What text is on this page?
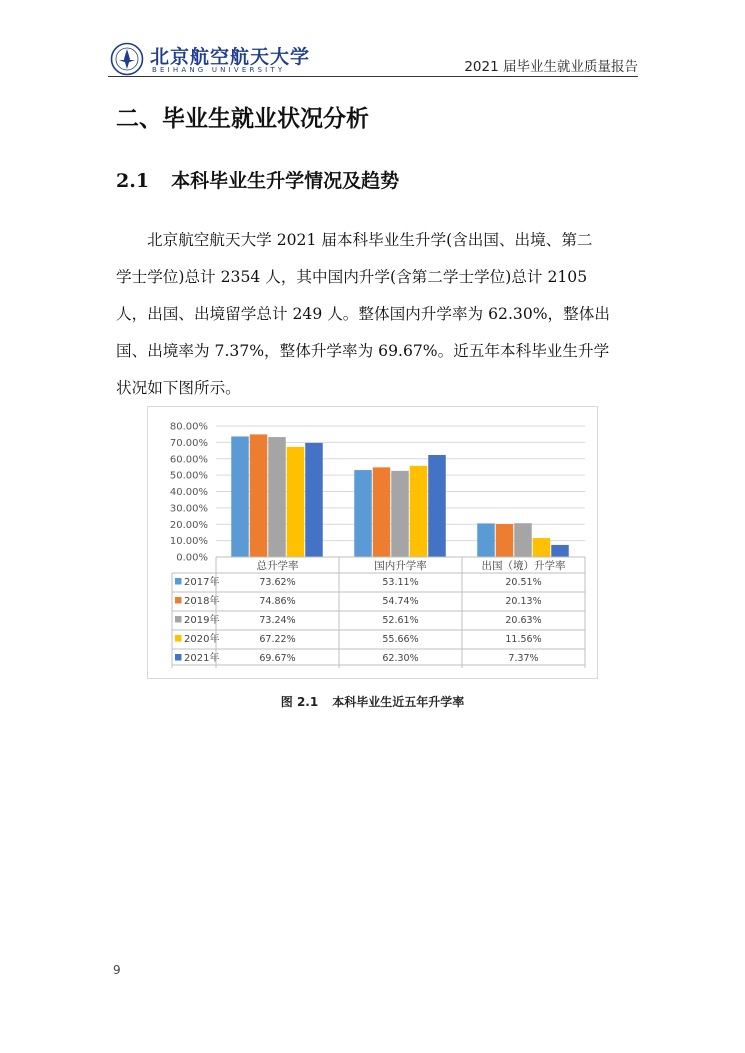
北京航空航天大学
BEIHANG UNIVERSITY	2021 届毕业生就业质量报告
二、毕业生就业状况分析
2.1 本科毕业生升学情况及趋势
北京航空航天大学 2021 届本科毕业生升学(含出国、出境、第二
学士学位)总计 2354 人，其中国内升学(含第二学士学位)总计 2105
人，出国、出境留学总计 249 人。整体国内升学率为 62.30%，整体出
国、出境率为 7.37%，整体升学率为 69.67%。近五年本科毕业生升学
状况如下图所示。
0.00%
10.00%
20.00%
30.00%
40.00%
50.00%
60.00%
70.00%
80.00%
总升学率	国内升学率	出国（境）升学率
2017年	73.62%	53.11%	20.51%
2018年	74.86%	54.74%	20.13%
2019年	73.24%	52.61%	20.63%
2020年	67.22%	55.66%	11.56%
2021年	69.67%	62.30%	7.37%
图 2.1 本科毕业生近五年升学率
9
